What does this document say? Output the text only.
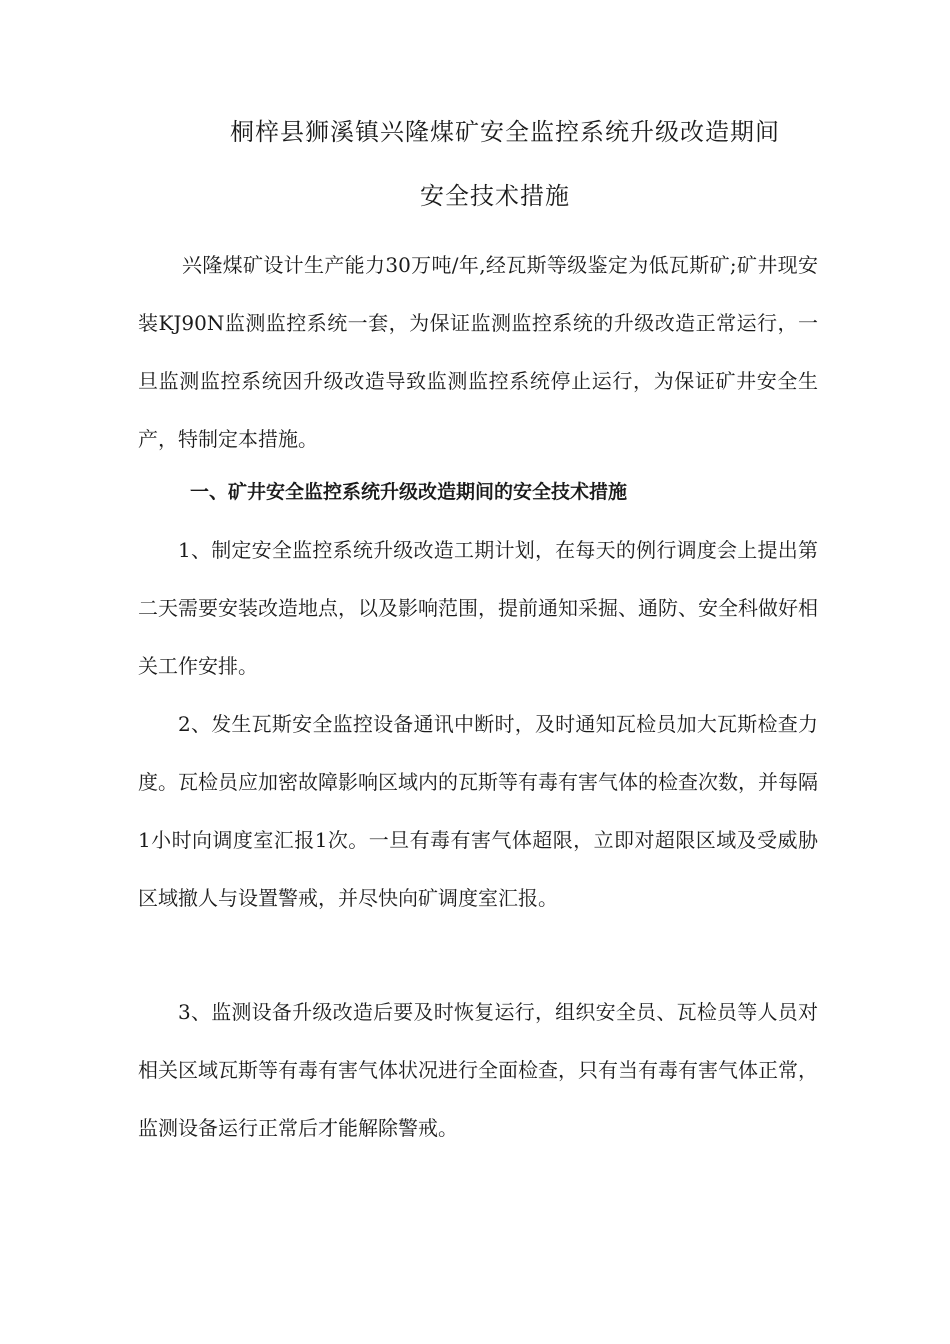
桐梓县狮溪镇兴隆煤矿安全监控系统升级改造期间
安全技术措施

兴隆煤矿设计生产能力30万吨/年,经瓦斯等级鉴定为低瓦斯矿;矿井现安装KJ90N监测监控系统一套，为保证监测监控系统的升级改造正常运行，一旦监测监控系统因升级改造导致监测监控系统停止运行，为保证矿井安全生产，特制定本措施。

一、矿井安全监控系统升级改造期间的安全技术措施

1、制定安全监控系统升级改造工期计划，在每天的例行调度会上提出第二天需要安装改造地点，以及影响范围，提前通知采掘、通防、安全科做好相关工作安排。

2、发生瓦斯安全监控设备通讯中断时，及时通知瓦检员加大瓦斯检查力度。瓦检员应加密故障影响区域内的瓦斯等有毒有害气体的检查次数，并每隔1小时向调度室汇报1次。一旦有毒有害气体超限，立即对超限区域及受威胁区域撤人与设置警戒，并尽快向矿调度室汇报。

3、监测设备升级改造后要及时恢复运行，组织安全员、瓦检员等人员对相关区域瓦斯等有毒有害气体状况进行全面检查，只有当有毒有害气体正常，监测设备运行正常后才能解除警戒。
